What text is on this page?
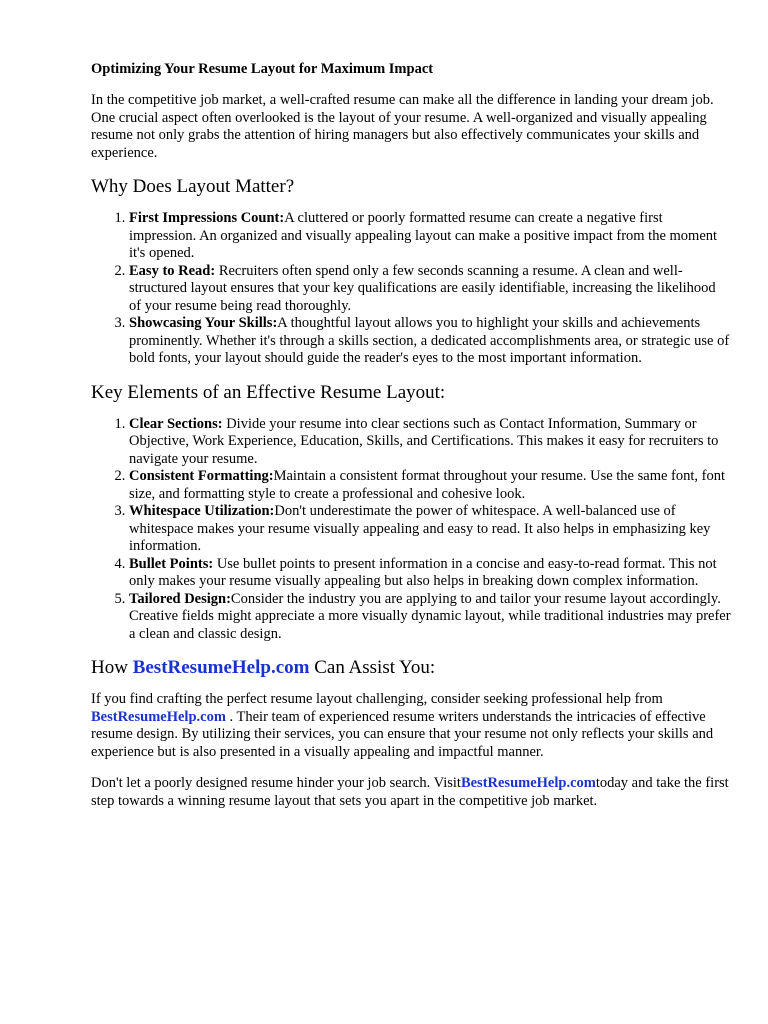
Optimizing Your Resume Layout for Maximum Impact

In the competitive job market, a well-crafted resume can make all the difference in landing your dream job. One crucial aspect often overlooked is the layout of your resume. A well-organized and visually appealing resume not only grabs the attention of hiring managers but also effectively communicates your skills and experience.

Why Does Layout Matter?
1. First Impressions Count:A cluttered or poorly formatted resume can create a negative first impression. An organized and visually appealing layout can make a positive impact from the moment it's opened.
2. Easy to Read: Recruiters often spend only a few seconds scanning a resume. A clean and well-structured layout ensures that your key qualifications are easily identifiable, increasing the likelihood of your resume being read thoroughly.
3. Showcasing Your Skills:A thoughtful layout allows you to highlight your skills and achievements prominently. Whether it's through a skills section, a dedicated accomplishments area, or strategic use of bold fonts, your layout should guide the reader's eyes to the most important information.
Key Elements of an Effective Resume Layout:
1. Clear Sections: Divide your resume into clear sections such as Contact Information, Summary or Objective, Work Experience, Education, Skills, and Certifications. This makes it easy for recruiters to navigate your resume.
2. Consistent Formatting:Maintain a consistent format throughout your resume. Use the same font, font size, and formatting style to create a professional and cohesive look.
3. Whitespace Utilization:Don't underestimate the power of whitespace. A well-balanced use of whitespace makes your resume visually appealing and easy to read. It also helps in emphasizing key information.
4. Bullet Points: Use bullet points to present information in a concise and easy-to-read format. This not only makes your resume visually appealing but also helps in breaking down complex information.
5. Tailored Design:Consider the industry you are applying to and tailor your resume layout accordingly. Creative fields might appreciate a more visually dynamic layout, while traditional industries may prefer a clean and classic design.
How BestResumeHelp.com Can Assist You:

If you find crafting the perfect resume layout challenging, consider seeking professional help from BestResumeHelp.com . Their team of experienced resume writers understands the intricacies of effective resume design. By utilizing their services, you can ensure that your resume not only reflects your skills and experience but is also presented in a visually appealing and impactful manner.

Don't let a poorly designed resume hinder your job search. VisitBestResumeHelp.comtoday and take the first step towards a winning resume layout that sets you apart in the competitive job market.
